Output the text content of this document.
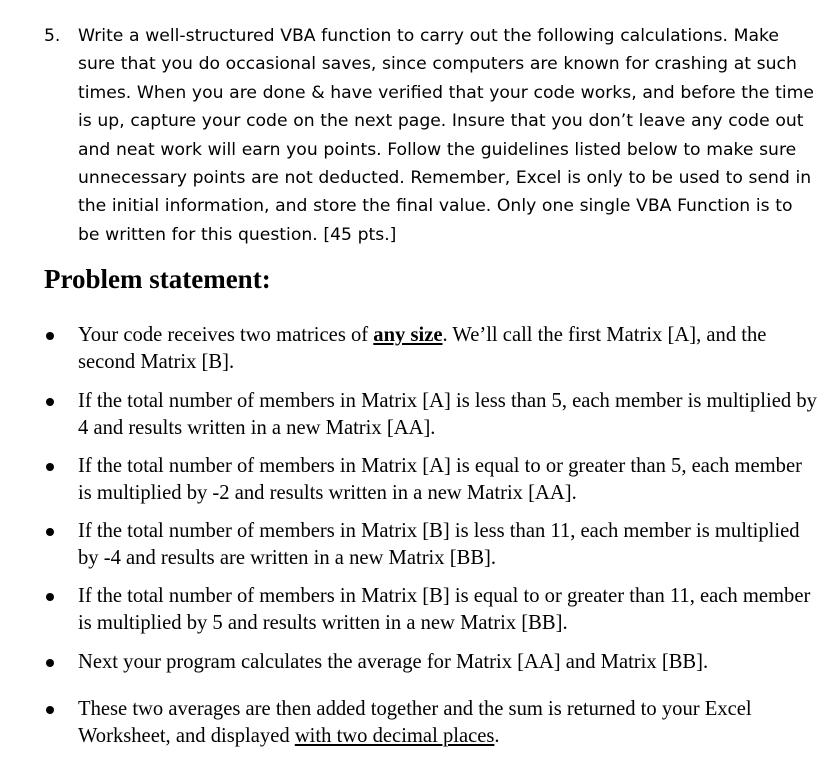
5. Write a well-structured VBA function to carry out the following calculations. Make sure that you do occasional saves, since computers are known for crashing at such times. When you are done & have verified that your code works, and before the time is up, capture your code on the next page. Insure that you don’t leave any code out and neat work will earn you points. Follow the guidelines listed below to make sure unnecessary points are not deducted. Remember, Excel is only to be used to send in the initial information, and store the final value. Only one single VBA Function is to be written for this question. [45 pts.]
Problem statement:
Your code receives two matrices of any size. We’ll call the first Matrix [A], and the second Matrix [B].
If the total number of members in Matrix [A] is less than 5, each member is multiplied by 4 and results written in a new Matrix [AA].
If the total number of members in Matrix [A] is equal to or greater than 5, each member is multiplied by -2 and results written in a new Matrix [AA].
If the total number of members in Matrix [B] is less than 11, each member is multiplied by -4 and results are written in a new Matrix [BB].
If the total number of members in Matrix [B] is equal to or greater than 11, each member is multiplied by 5 and results written in a new Matrix [BB].
Next your program calculates the average for Matrix [AA] and Matrix [BB].
These two averages are then added together and the sum is returned to your Excel Worksheet, and displayed with two decimal places.
